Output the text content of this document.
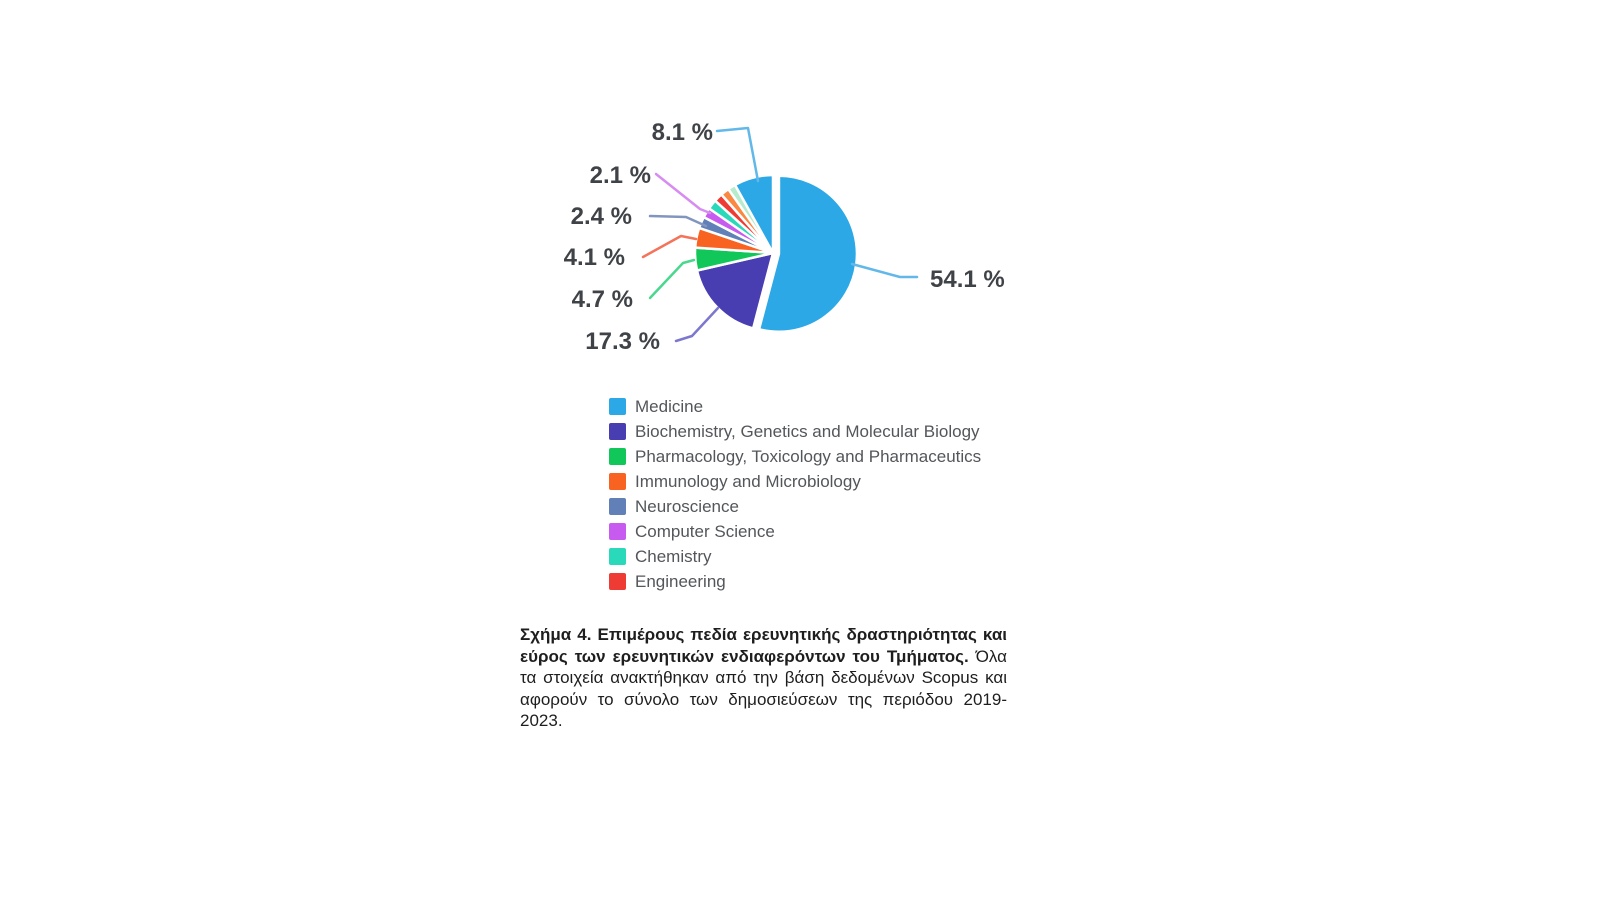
8.1 %
2.1 %
2.4 %
4.1 %
4.7 %
17.3 %
54.1 %
Medicine
Biochemistry, Genetics and Molecular Biology
Pharmacology, Toxicology and Pharmaceutics
Immunology and Microbiology
Neuroscience
Computer Science
Chemistry
Engineering
Σχήμα 4. Επιμέρους πεδία ερευνητικής δραστηριότητας και εύρος των ερευνητικών ενδιαφερόντων του Τμήματος. Όλα τα στοιχεία ανακτήθηκαν από την βάση δεδομένων Scopus και αφορούν το σύνολο των δημοσιεύσεων της περιόδου 2019-2023.
